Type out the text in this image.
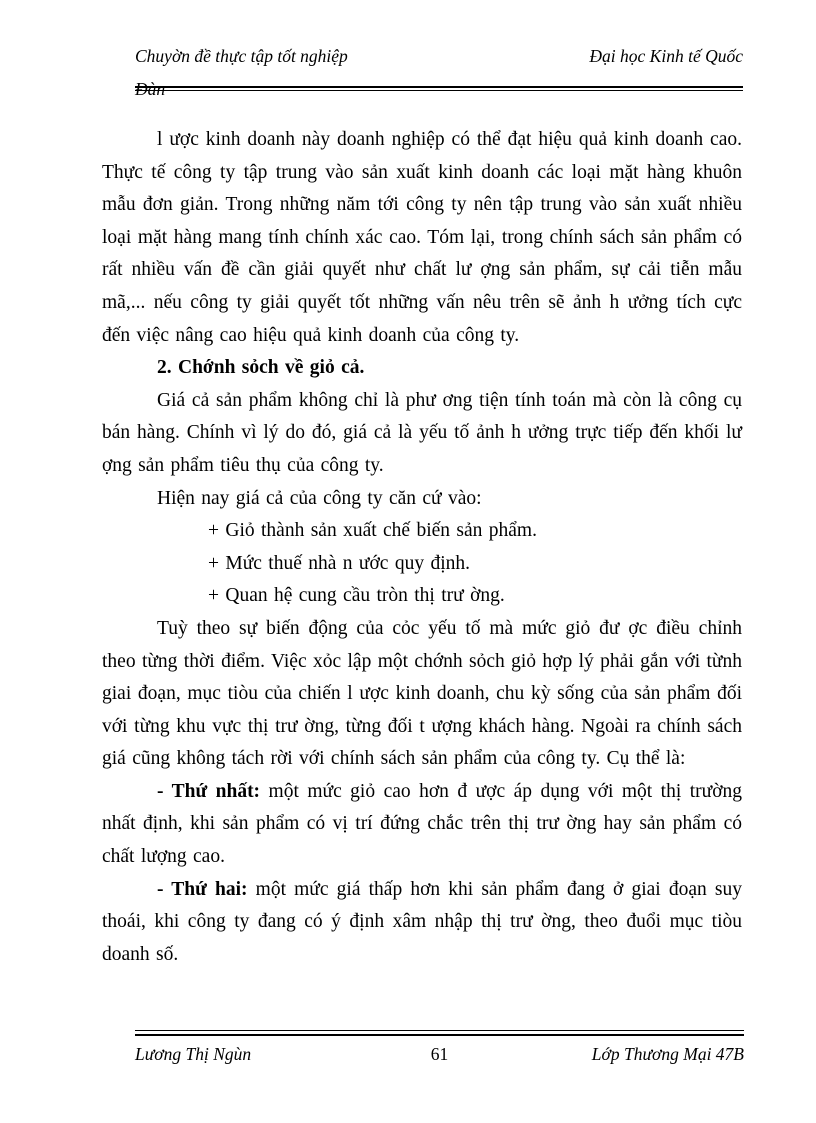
Chuyờn đề thực tập tốt nghiệp	Đại học Kinh tế Quốc
Đàn
l ược kinh doanh này doanh nghiệp có thể đạt hiệu quả kinh doanh cao. Thực tế công ty tập trung vào sản xuất kinh doanh các loại mặt hàng khuôn mẫu đơn giản. Trong những năm tới công ty nên tập trung vào sản xuất nhiều loại mặt hàng mang tính chính xác cao. Tóm lại, trong chính sách sản phẩm có rất nhiều vấn đề cần giải quyết như chất lư ợng sản phẩm, sự cải tiễn mẫu mã,... nếu công ty giải quyết tốt những vấn nêu trên sẽ ảnh h ưởng tích cực đến việc nâng cao hiệu quả kinh doanh của công ty.
2. Chớnh sỏch về giỏ cả.
Giá cả sản phẩm không chỉ là phư ơng tiện tính toán mà còn là công cụ bán hàng. Chính vì lý do đó, giá cả là yếu tố ảnh h ưởng trực tiếp đến khối lư ợng sản phẩm tiêu thụ của công ty.
Hiện nay giá cả của công ty căn cứ vào:
+ Giỏ thành sản xuất chế biến sản phẩm.
+ Mức thuế nhà n ước quy định.
+ Quan hệ cung cầu tròn thị trư ờng.
Tuỳ theo sự biến động của cỏc yếu tố mà mức giỏ đư ợc điều chỉnh theo từng thời điểm. Việc xỏc lập một chớnh sỏch giỏ hợp lý phải gắn với từnh giai đoạn, mục tiòu của chiến l ược kinh doanh, chu kỳ sống của sản phẩm đối với từng khu vực thị trư ờng, từng đối t ượng khách hàng. Ngoài ra chính sách giá cũng không tách rời với chính sách sản phẩm của công ty. Cụ thể là:
- Thứ nhất: một mức giỏ cao hơn đ ược áp dụng với một thị trường nhất định, khi sản phẩm có vị trí đứng chắc trên thị trư ờng hay sản phẩm có chất lượng cao.
- Thứ hai: một mức giá thấp hơn khi sản phẩm đang ở giai đoạn suy thoái, khi công ty đang có ý định xâm nhập thị trư ờng, theo đuổi mục tiòu doanh số.
Lương Thị Ngùn	61	Lớp Thương Mại 47B
